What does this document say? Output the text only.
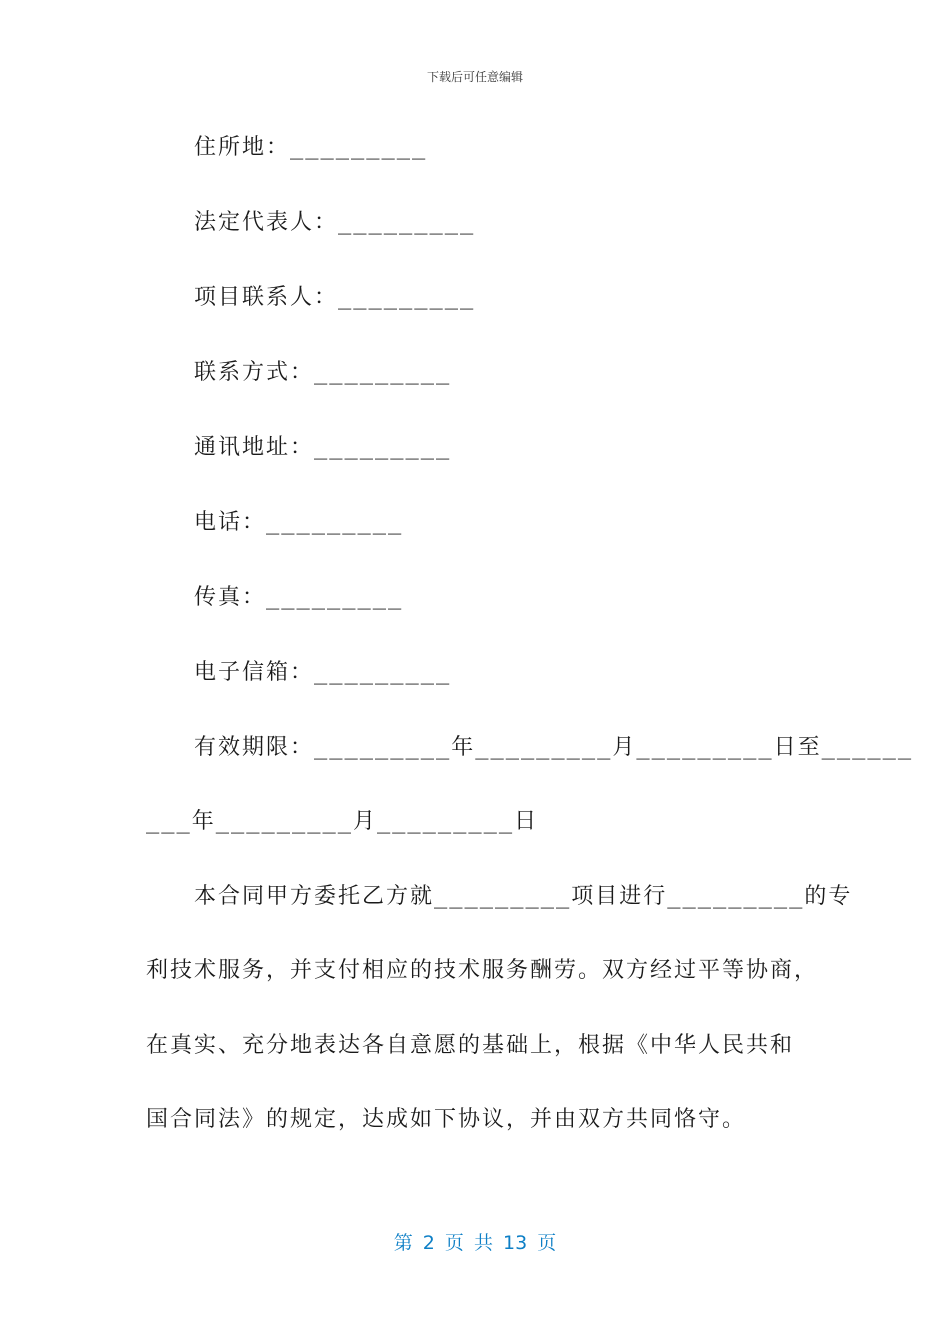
下载后可任意编辑
住所地：_________
法定代表人：_________
项目联系人：_________
联系方式：_________
通讯地址：_________
电话：_________
传真：_________
电子信箱：_________
有效期限：_________年_________月_________日至______
___年_________月_________日
本合同甲方委托乙方就_________项目进行_________的专
利技术服务，并支付相应的技术服务酬劳。双方经过平等协商，
在真实、充分地表达各自意愿的基础上，根据《中华人民共和
国合同法》的规定，达成如下协议，并由双方共同恪守。
第 2 页 共 13 页
